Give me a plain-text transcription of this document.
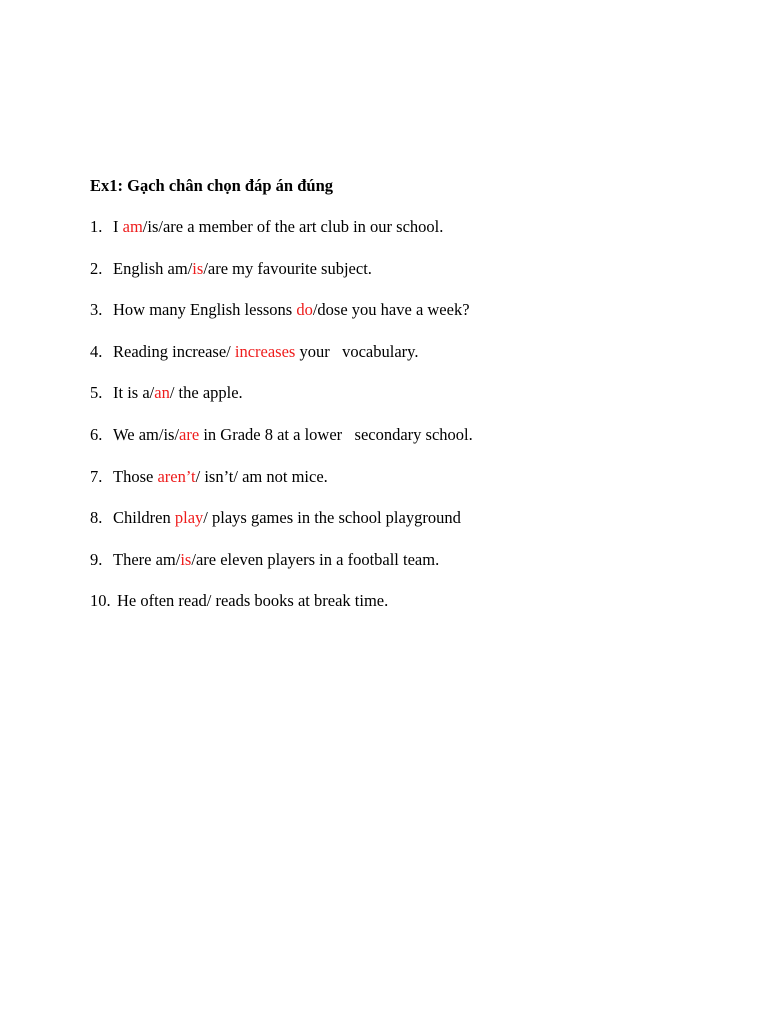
Ex1: Gạch chân chọn đáp án đúng
1. I am/is/are a member of the art club in our school.
2. English am/is/are my favourite subject.
3. How many English lessons do/dose you have a week?
4. Reading increase/ increases your   vocabulary.
5. It is a/an/ the apple.
6. We am/is/are in Grade 8 at a lower   secondary school.
7. Those aren’t/ isn’t/ am not mice.
8. Children play/ plays games in the school playground
9. There am/is/are eleven players in a football team.
10. He often read/ reads books at break time.
